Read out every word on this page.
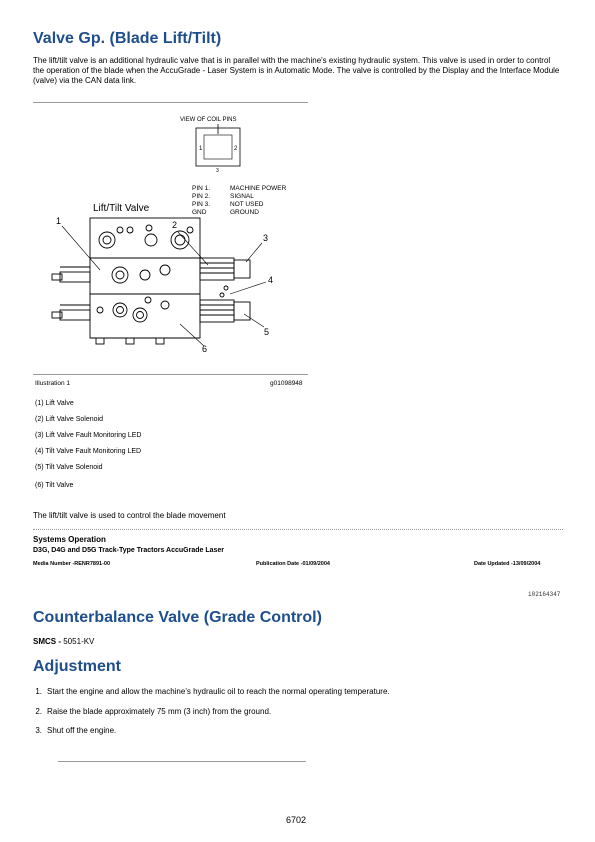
Valve Gp. (Blade Lift/Tilt)
The lift/tilt valve is an additional hydraulic valve that is in parallel with the machine's existing hydraulic system. This valve is used in order to control the operation of the blade when the AccuGrade - Laser System is in Automatic Mode. The valve is controlled by the Display and the Interface Module (valve) via the CAN data link.
VIEW OF COIL PINS
1	2
3
PIN 1.	MACHINE POWER
PIN 2.	SIGNAL
PIN 3.	NOT USED
GND	GROUND
Lift/Tilt Valve
1	2
3
4
5
6
Illustration 1	g01098948
(1) Lift Valve
(2) Lift Valve Solenoid
(3) Lift Valve Fault Monitoring LED
(4) Tilt Valve Fault Monitoring LED
(5) Tilt Valve Solenoid
(6) Tilt Valve
The lift/tilt valve is used to control the blade movement
Systems Operation
D3G, D4G and D5G Track-Type Tractors AccuGrade Laser
Media Number -RENR7891-00	Publication Date -01/09/2004	Date Updated -13/09/2004
i02164347
Counterbalance Valve (Grade Control)
SMCS - 5051-KV
Adjustment
1. Start the engine and allow the machine's hydraulic oil to reach the normal operating temperature.
2. Raise the blade approximately 75 mm (3 inch) from the ground.
3. Shut off the engine.
6702
